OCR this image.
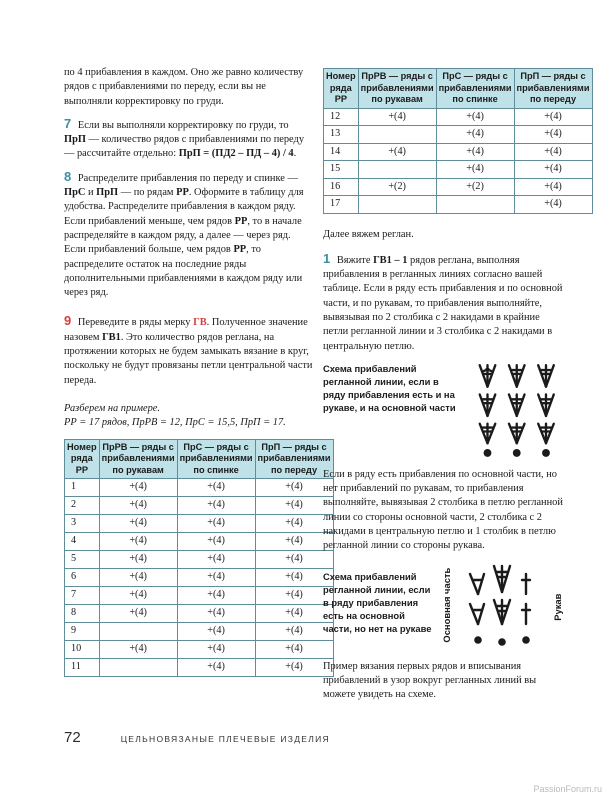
по 4 прибавления в каждом. Оно же равно количеству рядов с прибавлениями по переду, если вы не выполняли корректировку по груди.

7 Если вы выполняли корректировку по груди, то ПрП — количество рядов с прибавлениями по переду — рассчитайте отдельно: ПрП = (ПД2 – ПД – 4) / 4.

8 Распределите прибавления по переду и спинке — ПрС и ПрП — по рядам РР. Оформите в таблицу для удобства. Распределите прибавления в каждом ряду. Если прибавлений меньше, чем рядов РР, то в начале распределяйте в каждом ряду, а далее — через ряд. Если прибавлений больше, чем рядов РР, то распределите остаток на последние ряды дополнительными прибавлениями в каждом ряду или через ряд.

9 Переведите в ряды мерку ГВ. Полученное значение назовем ГВ1. Это количество рядов реглана, на протяжении которых не будем замыкать вязание в круг, поскольку не будут провязаны петли центральной части переда.

Разберем на примере.
РР = 17 рядов, ПрРВ = 12, ПрС = 15,5, ПрП = 17.

Номер ряда РР	ПрРВ — ряды с прибавлениями по рукавам	ПрС — ряды с прибавлениями по спинке	ПрП — ряды с прибавлениями по переду
1	+(4)	+(4)	+(4)
2	+(4)	+(4)	+(4)
3	+(4)	+(4)	+(4)
4	+(4)	+(4)	+(4)
5	+(4)	+(4)	+(4)
6	+(4)	+(4)	+(4)
7	+(4)	+(4)	+(4)
8	+(4)	+(4)	+(4)
9		+(4)	+(4)
10	+(4)	+(4)	+(4)
11		+(4)	+(4)
Номер ряда РР	ПрРВ — ряды с прибавлениями по рукавам	ПрС — ряды с прибавлениями по спинке	ПрП — ряды с прибавлениями по переду
12	+(4)	+(4)	+(4)
13		+(4)	+(4)
14	+(4)	+(4)	+(4)
15		+(4)	+(4)
16	+(2)	+(2)	+(4)
17			+(4)

Далее вяжем реглан.

1 Вяжите ГВ1 – 1 рядов реглана, выполняя прибавления в регланных линиях согласно вашей таблице. Если в ряду есть прибавления и по основной части, и по рукавам, то прибавления выполняйте, вывязывая по 2 столбика с 2 накидами в крайние петли регланной линии и 3 столбика с 2 накидами в центральную петлю.

Схема прибавлений регланной линии, если в ряду прибавления есть и на рукаве, и на основной части

Если в ряду есть прибавления по основной части, но нет прибавлений по рукавам, то прибавления выполняйте, вывязывая 2 столбика в петлю регланной линии со стороны основной части, 2 столбика с 2 накидами в центральную петлю и 1 столбик в петлю регланной линии со стороны рукава.

Схема прибавлений регланной линии, если в ряду прибавления есть на основной части, но нет на рукаве Основная часть	Рукав

Пример вязания первых рядов и вписывания прибавлений в узор вокруг регланных линий вы можете увидеть на схеме.

72	ЦЕЛЬНОВЯЗАНЫЕ ПЛЕЧЕВЫЕ ИЗДЕЛИЯ
PassionForum.ru
